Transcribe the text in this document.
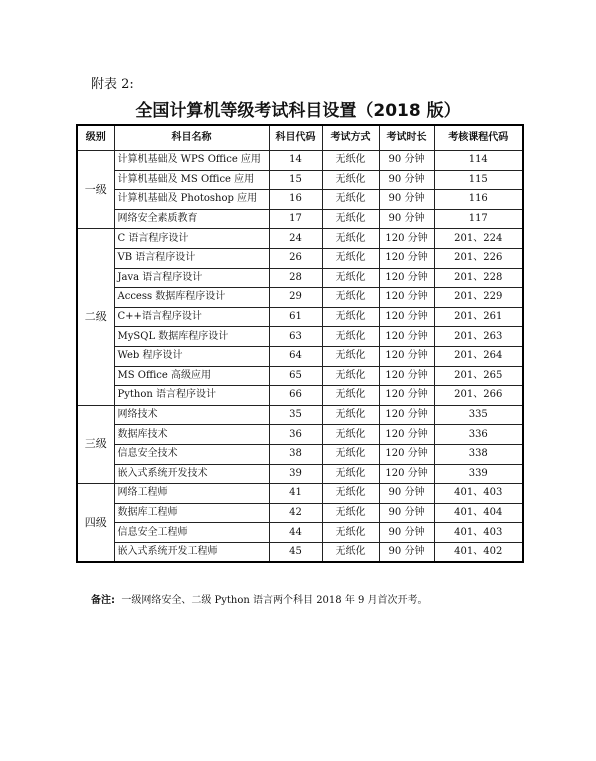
附表 2:
全国计算机等级考试科目设置（2018 版）
级别	科目名称	科目代码	考试方式	考试时长	考核课程代码
一级	计算机基础及 WPS Office 应用	14	无纸化	90 分钟	114
	计算机基础及 MS Office 应用	15	无纸化	90 分钟	115
	计算机基础及 Photoshop 应用	16	无纸化	90 分钟	116
	网络安全素质教育	17	无纸化	90 分钟	117
二级	C 语言程序设计	24	无纸化	120 分钟	201、224
	VB 语言程序设计	26	无纸化	120 分钟	201、226
	Java 语言程序设计	28	无纸化	120 分钟	201、228
	Access 数据库程序设计	29	无纸化	120 分钟	201、229
	C++语言程序设计	61	无纸化	120 分钟	201、261
	MySQL 数据库程序设计	63	无纸化	120 分钟	201、263
	Web 程序设计	64	无纸化	120 分钟	201、264
	MS Office 高级应用	65	无纸化	120 分钟	201、265
	Python 语言程序设计	66	无纸化	120 分钟	201、266
三级	网络技术	35	无纸化	120 分钟	335
	数据库技术	36	无纸化	120 分钟	336
	信息安全技术	38	无纸化	120 分钟	338
	嵌入式系统开发技术	39	无纸化	120 分钟	339
四级	网络工程师	41	无纸化	90 分钟	401、403
	数据库工程师	42	无纸化	90 分钟	401、404
	信息安全工程师	44	无纸化	90 分钟	401、403
	嵌入式系统开发工程师	45	无纸化	90 分钟	401、402
备注: 一级网络安全、二级 Python 语言两个科目 2018 年 9 月首次开考。
